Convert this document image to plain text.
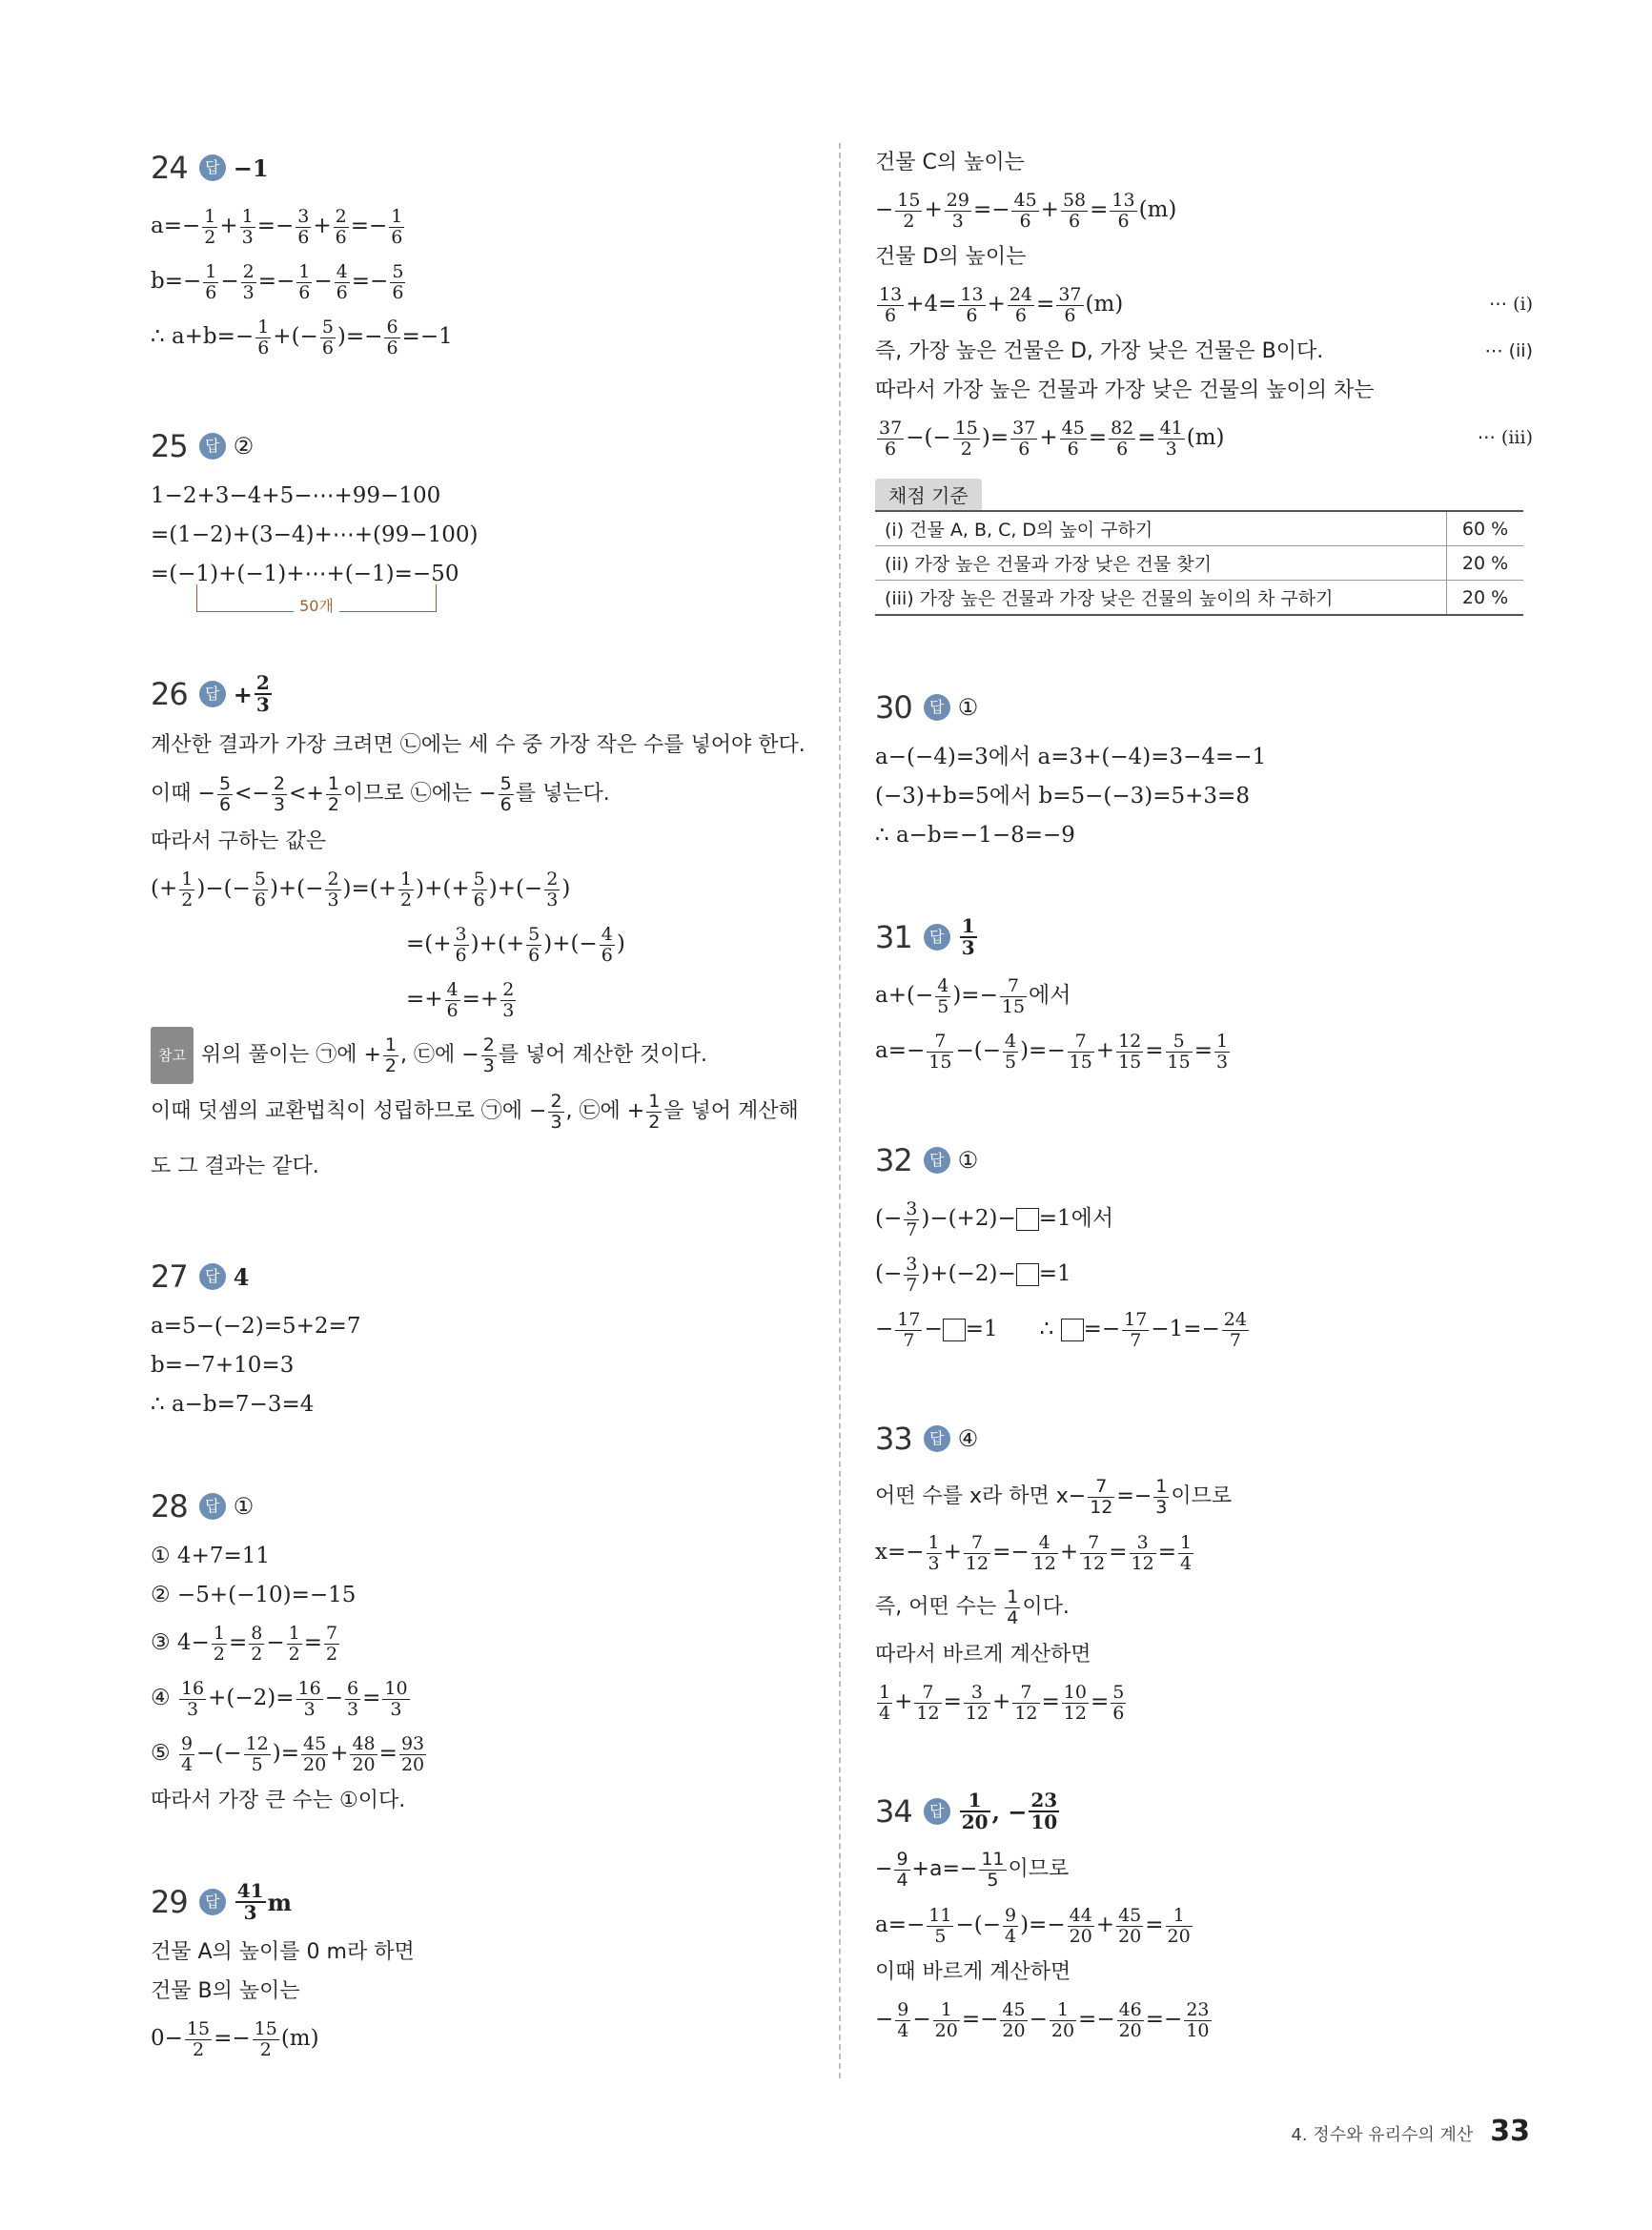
24	답 −1
$a=- \frac{1}{2} + \frac{1}{3} =- \frac{3}{6} + \frac{2}{6} =- \frac{1}{6}$
$b=- \frac{1}{6} - \frac{2}{3} =- \frac{1}{6} - \frac{4}{6} =- \frac{5}{6}$
∴ $a+b=- \frac{1}{6}$ +(− $\frac{5}{6}$ )=− $\frac{6}{6} =-1$
25	답 ②
1−2+3−4+5−⋯+99−100
=(1−2)+(3−4)+⋯+(99−100)
=(−1)+(−1)+⋯+(−1)=−50
50개
26	답 + $\frac{2}{3}$
계산한 결과가 가장 크려면 ㉡에는 세 수 중 가장 작은 수를 넣어야 한다.
이때 − $\frac{5}{6} <- \frac{2}{3} <+ \frac{1}{2}$ 이므로 ㉡에는 − $\frac{5}{6}$ 를 넣는다.
따라서 구하는 값은
(+ $\frac{1}{2}$ )−(− $\frac{5}{6}$ )+(− $\frac{2}{3}$ )=(+ $\frac{1}{2}$ )+(+ $\frac{5}{6}$ )+(− $\frac{2}{3}$ )
=(+ $\frac{3}{6}$ )+(+ $\frac{5}{6}$ )+(− $\frac{4}{6}$ )
=+ $\frac{4}{6} =+ \frac{2}{3}$
참고 위의 풀이는 ㉠에 + $\frac{1}{2}$ , ㉢에 − $\frac{2}{3}$ 를 넣어 계산한 것이다.
이때 덧셈의 교환법칙이 성립하므로 ㉠에 − $\frac{2}{3}$ , ㉢에 + $\frac{1}{2}$ 을 넣어 계산해도 그 결과는 같다.
27	답 4
a=5−(−2)=5+2=7
b=−7+10=3
∴ a−b=7−3=4
28	답 ①
① 4+7=11
② −5+(−10)=−15
③ $4- \frac{1}{2} = \frac{8}{2} - \frac{1}{2} = \frac{7}{2}$
④ $\frac{16}{3} +(-2)= \frac{16}{3} - \frac{6}{3} = \frac{10}{3}$
⑤ $\frac{9}{4}$ −(− $\frac{12}{5}$ )= $\frac{45}{20} + \frac{48}{20} = \frac{93}{20}$
따라서 가장 큰 수는 ①이다.
29	답 $\frac{41}{3}$ m
건물 A의 높이를 0 m라 하면
건물 B의 높이는
$0- \frac{15}{2} =- \frac{15}{2} (m)$
건물 C의 높이는
− $\frac{15}{2} + \frac{29}{3} =- \frac{45}{6} + \frac{58}{6} = \frac{13}{6} (m)$
건물 D의 높이는
$\frac{13}{6} +4= \frac{13}{6} + \frac{24}{6} = \frac{37}{6} (m)$	⋯ (i)
즉, 가장 높은 건물은 D, 가장 낮은 건물은 B이다.	⋯ (ii)
따라서 가장 높은 건물과 가장 낮은 건물의 높이의 차는
$\frac{37}{6}$ −(− $\frac{15}{2}$ )= $\frac{37}{6} + \frac{45}{6} = \frac{82}{6} = \frac{41}{3} (m)$	⋯ (iii)
채점 기준
(i) 건물 A, B, C, D의 높이 구하기	60 %
(ii) 가장 높은 건물과 가장 낮은 건물 찾기	20 %
(iii) 가장 높은 건물과 가장 낮은 건물의 높이의 차 구하기	20 %
30	답 ①
a−(−4)=3에서 a=3+(−4)=3−4=−1
(−3)+b=5에서 b=5−(−3)=5+3=8
∴ a−b=−1−8=−9
31	답 $\frac{1}{3}$
$a+(- \frac{4}{5}$ )=− $\frac{7}{15}$ 에서
$a=- \frac{7}{15}$ −(− $\frac{4}{5}$ )=− $\frac{7}{15} + \frac{12}{15} = \frac{5}{15} = \frac{1}{3}$
32	답 ①
(− $\frac{3}{7} )-(+2)- =1$에서
(− $\frac{3}{7} )+(-2)- =1$
− $\frac{17}{7} - =1$ ∴ =− $\frac{17}{7} -1=- \frac{24}{7}$
33	답 ④
어떤 수를 x라 하면 $x- \frac{7}{12} =- \frac{1}{3}$ 이므로
$x=- \frac{1}{3} + \frac{7}{12} =- \frac{4}{12} + \frac{7}{12} = \frac{3}{12} = \frac{1}{4}$
즉, 어떤 수는 $\frac{1}{4}$ 이다.
따라서 바르게 계산하면
$\frac{1}{4} + \frac{7}{12} = \frac{3}{12} + \frac{7}{12} = \frac{10}{12} = \frac{5}{6}$
34	답 $\frac{1}{20}$ , − $\frac{23}{10}$
− $\frac{9}{4} +a=- \frac{11}{5}$ 이므로
$a=- \frac{11}{5}$ −(− $\frac{9}{4}$ )=− $\frac{44}{20} + \frac{45}{20} = \frac{1}{20}$
이때 바르게 계산하면
− $\frac{9}{4} - \frac{1}{20} =- \frac{45}{20} - \frac{1}{20} =- \frac{46}{20} =- \frac{23}{10}$
4. 정수와 유리수의 계산 33
